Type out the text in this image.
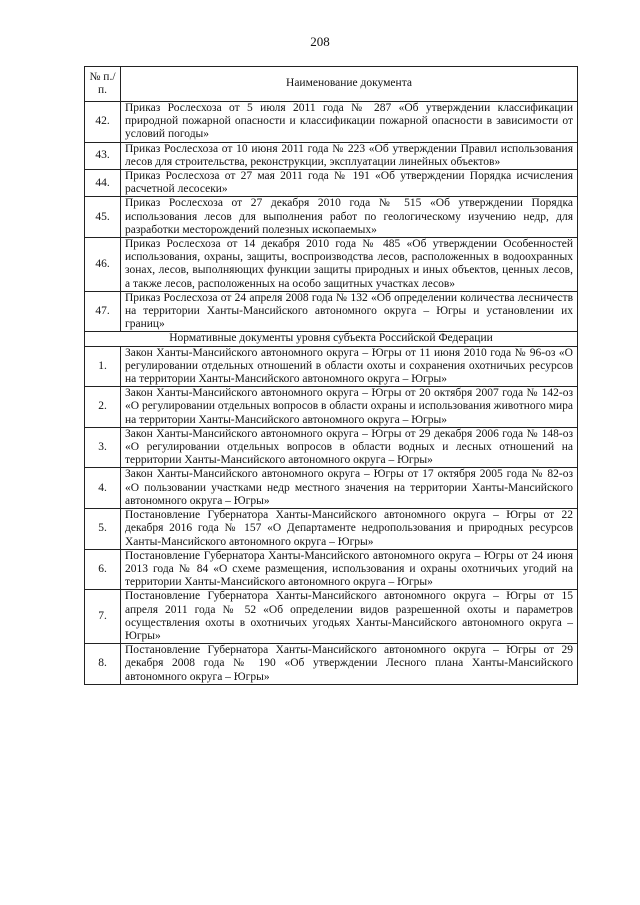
208
№ п./п.	Наименование документа
42.	Приказ Рослесхоза от 5 июля 2011 года № 287 «Об утверждении классификации природной пожарной опасности и классификации пожарной опасности в зависимости от условий погоды»
43.	Приказ Рослесхоза от 10 июня 2011 года № 223 «Об утверждении Правил использования лесов для строительства, реконструкции, эксплуатации линейных объектов»
44.	Приказ Рослесхоза от 27 мая 2011 года № 191 «Об утверждении Порядка исчисления расчетной лесосеки»
45.	Приказ Рослесхоза от 27 декабря 2010 года № 515 «Об утверждении Порядка использования лесов для выполнения работ по геологическому изучению недр, для разработки месторождений полезных ископаемых»
46.	Приказ Рослесхоза от 14 декабря 2010 года № 485 «Об утверждении Особенностей использования, охраны, защиты, воспроизводства лесов, расположенных в водоохранных зонах, лесов, выполняющих функции защиты природных и иных объектов, ценных лесов, а также лесов, расположенных на особо защитных участках лесов»
47.	Приказ Рослесхоза от 24 апреля 2008 года № 132 «Об определении количества лесничеств на территории Ханты-Мансийского автономного округа – Югры и установлении их границ»
Нормативные документы уровня субъекта Российской Федерации	
1.	Закон Ханты-Мансийского автономного округа – Югры от 11 июня 2010 года № 96-оз «О регулировании отдельных отношений в области охоты и сохранения охотничьих ресурсов на территории Ханты-Мансийского автономного округа – Югры»
2.	Закон Ханты-Мансийского автономного округа – Югры от 20 октября 2007 года № 142-оз «О регулировании отдельных вопросов в области охраны и использования животного мира на территории Ханты-Мансийского автономного округа – Югры»
3.	Закон Ханты-Мансийского автономного округа – Югры от 29 декабря 2006 года № 148-оз «О регулировании отдельных вопросов в области водных и лесных отношений на территории Ханты-Мансийского автономного округа – Югры»
4.	Закон Ханты-Мансийского автономного округа – Югры от 17 октября 2005 года № 82-оз «О пользовании участками недр местного значения на территории Ханты-Мансийского автономного округа – Югры»
5.	Постановление Губернатора Ханты-Мансийского автономного округа – Югры от 22 декабря 2016 года № 157 «О Департаменте недропользования и природных ресурсов Ханты-Мансийского автономного округа – Югры»
6.	Постановление Губернатора Ханты-Мансийского автономного округа – Югры от 24 июня 2013 года № 84 «О схеме размещения, использования и охраны охотничьих угодий на территории Ханты-Мансийского автономного округа – Югры»
7.	Постановление Губернатора Ханты-Мансийского автономного округа – Югры от 15 апреля 2011 года № 52 «Об определении видов разрешенной охоты и параметров осуществления охоты в охотничьих угодьях Ханты-Мансийского автономного округа – Югры»
8.	Постановление Губернатора Ханты-Мансийского автономного округа – Югры от 29 декабря 2008 года № 190 «Об утверждении Лесного плана Ханты-Мансийского автономного округа – Югры»
